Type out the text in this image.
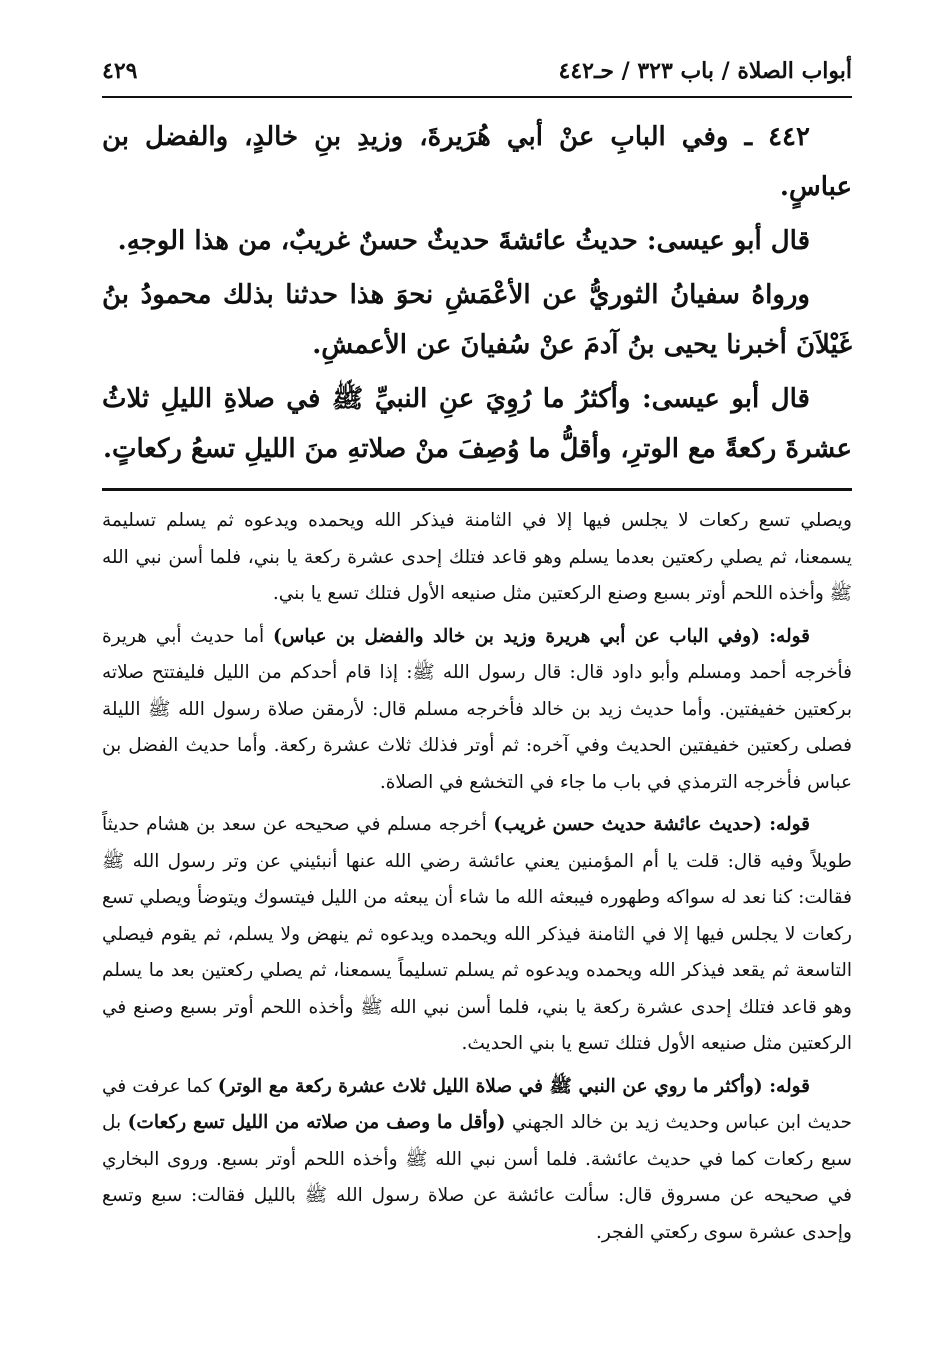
أبواب الصلاة / باب ٣٢٣ / حـ٤٤٢
٤٢٩

٤٤٢ ـ وفي البابِ عنْ أبي هُرَيرةَ، وزيدِ بنِ خالدٍ، والفضل بن عباسٍ.

قال أبو عيسى: حديثُ عائشةَ حديثٌ حسنٌ غريبٌ، من هذا الوجهِ.

ورواهُ سفيانُ الثوريُّ عن الأعْمَشِ نحوَ هذا حدثنا بذلك محمودُ بنُ غَيْلاَنَ أخبرنا يحيى بنُ آدمَ عنْ سُفيانَ عن الأعمشِ.

قال أبو عيسى: وأكثرُ ما رُوِيَ عنِ النبيِّ ﷺ في صلاةِ الليلِ ثلاثُ عشرةَ ركعةً مع الوترِ، وأقلُّ ما وُصِفَ منْ صلاتهِ منَ الليلِ تسعُ ركعاتٍ.

ويصلي تسع ركعات لا يجلس فيها إلا في الثامنة فيذكر الله ويحمده ويدعوه ثم يسلم تسليمة يسمعنا، ثم يصلي ركعتين بعدما يسلم وهو قاعد فتلك إحدى عشرة ركعة يا بني، فلما أسن نبي الله ﷺ وأخذه اللحم أوتر بسبع وصنع الركعتين مثل صنيعه الأول فتلك تسع يا بني.

قوله: (وفي الباب عن أبي هريرة وزيد بن خالد والفضل بن عباس) أما حديث أبي هريرة فأخرجه أحمد ومسلم وأبو داود قال: قال رسول الله ﷺ: إذا قام أحدكم من الليل فليفتتح صلاته بركعتين خفيفتين. وأما حديث زيد بن خالد فأخرجه مسلم قال: لأرمقن صلاة رسول الله ﷺ الليلة فصلى ركعتين خفيفتين الحديث وفي آخره: ثم أوتر فذلك ثلاث عشرة ركعة. وأما حديث الفضل بن عباس فأخرجه الترمذي في باب ما جاء في التخشع في الصلاة.

قوله: (حديث عائشة حديث حسن غريب) أخرجه مسلم في صحيحه عن سعد بن هشام حديثاً طويلاً وفيه قال: قلت يا أم المؤمنين يعني عائشة رضي الله عنها أنبئيني عن وتر رسول الله ﷺ فقالت: كنا نعد له سواكه وطهوره فيبعثه الله ما شاء أن يبعثه من الليل فيتسوك ويتوضأ ويصلي تسع ركعات لا يجلس فيها إلا في الثامنة فيذكر الله ويحمده ويدعوه ثم ينهض ولا يسلم، ثم يقوم فيصلي التاسعة ثم يقعد فيذكر الله ويحمده ويدعوه ثم يسلم تسليماً يسمعنا، ثم يصلي ركعتين بعد ما يسلم وهو قاعد فتلك إحدى عشرة ركعة يا بني، فلما أسن نبي الله ﷺ وأخذه اللحم أوتر بسبع وصنع في الركعتين مثل صنيعه الأول فتلك تسع يا بني الحديث.

قوله: (وأكثر ما روي عن النبي ﷺ في صلاة الليل ثلاث عشرة ركعة مع الوتر) كما عرفت في حديث ابن عباس وحديث زيد بن خالد الجهني (وأقل ما وصف من صلاته من الليل تسع ركعات) بل سبع ركعات كما في حديث عائشة. فلما أسن نبي الله ﷺ وأخذه اللحم أوتر بسبع. وروى البخاري في صحيحه عن مسروق قال: سألت عائشة عن صلاة رسول الله ﷺ بالليل فقالت: سبع وتسع وإحدى عشرة سوى ركعتي الفجر.
